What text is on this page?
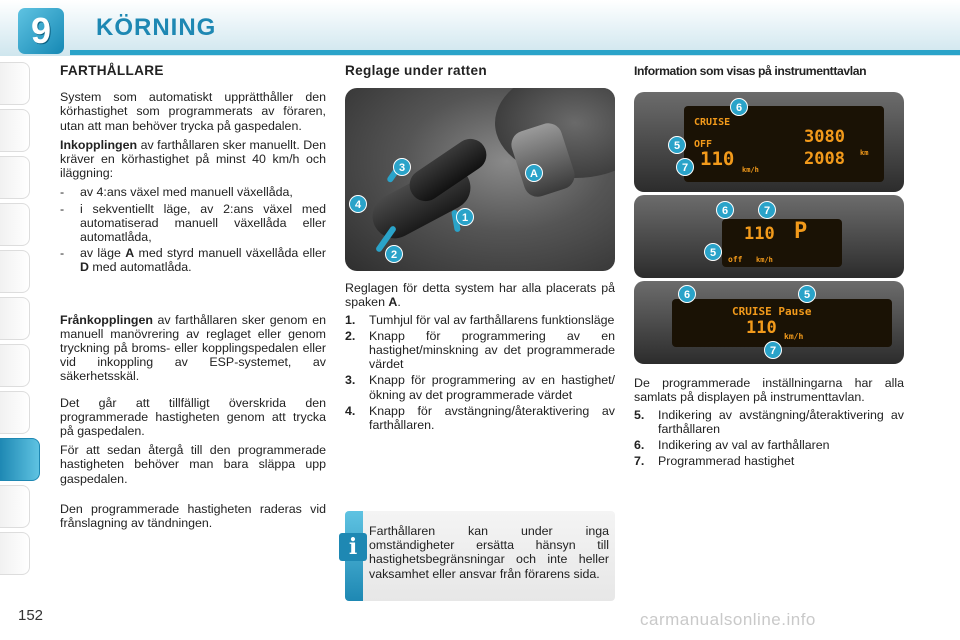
9	KÖRNING
FARTHÅLLARE

System som automatiskt upprätthåller den körhastighet som programmerats av föraren, utan att man behöver trycka på gaspedalen.

Inkopplingen av farthållaren sker manuellt. Den kräver en körhastighet på minst 40 km/h och iläggning:

-	av 4:ans växel med manuell växellåda,
-	i sekventiellt läge, av 2:ans växel med automatiserad manuell växellåda eller automatlåda,
-	av läge A med styrd manuell växellåda eller D med automatlåda.

Frånkopplingen av farthållaren sker genom en manuell manövrering av reglaget eller genom tryckning på broms- eller kopplingspedalen eller vid inkoppling av ESP-systemet, av säkerhetsskäl.

Det går att tillfälligt överskrida den programmerade hastigheten genom att trycka på gaspedalen.

För att sedan återgå till den programmerade hastigheten behöver man bara släppa upp gaspedalen.

Den programmerade hastigheten raderas vid frånslagning av tändningen.

Reglage under ratten
3	A
4
1
2

Reglagen för detta system har alla placerats på spaken A.

1.	Tumhjul för val av farthållarens funktionsläge
2.	Knapp för programmering av en hastighet/minskning av det programmerade värdet
3.	Knapp för programmering av en hastighet/ökning av det programmerade värdet
4.	Knapp för avstängning/återaktivering av farthållaren.
i
Farthållaren kan under inga omständigheter ersätta hänsyn till hastighetsbegränsningar och inte heller vaksamhet eller ansvar från förarens sida.
Information som visas på instrumenttavlan
CRUISE
OFF
110 km/h
3080
km
2008
6
5
7
110 P
off km/h
6	7
5
CRUISE Pause
110 km/h
6	5
7

De programmerade inställningarna har alla samlats på displayen på instrumenttavlan.

5.	Indikering av avstängning/återaktivering av farthållaren
6.	Indikering av val av farthållaren
7.	Programmerad hastighet
152	carmanualsonline.info
